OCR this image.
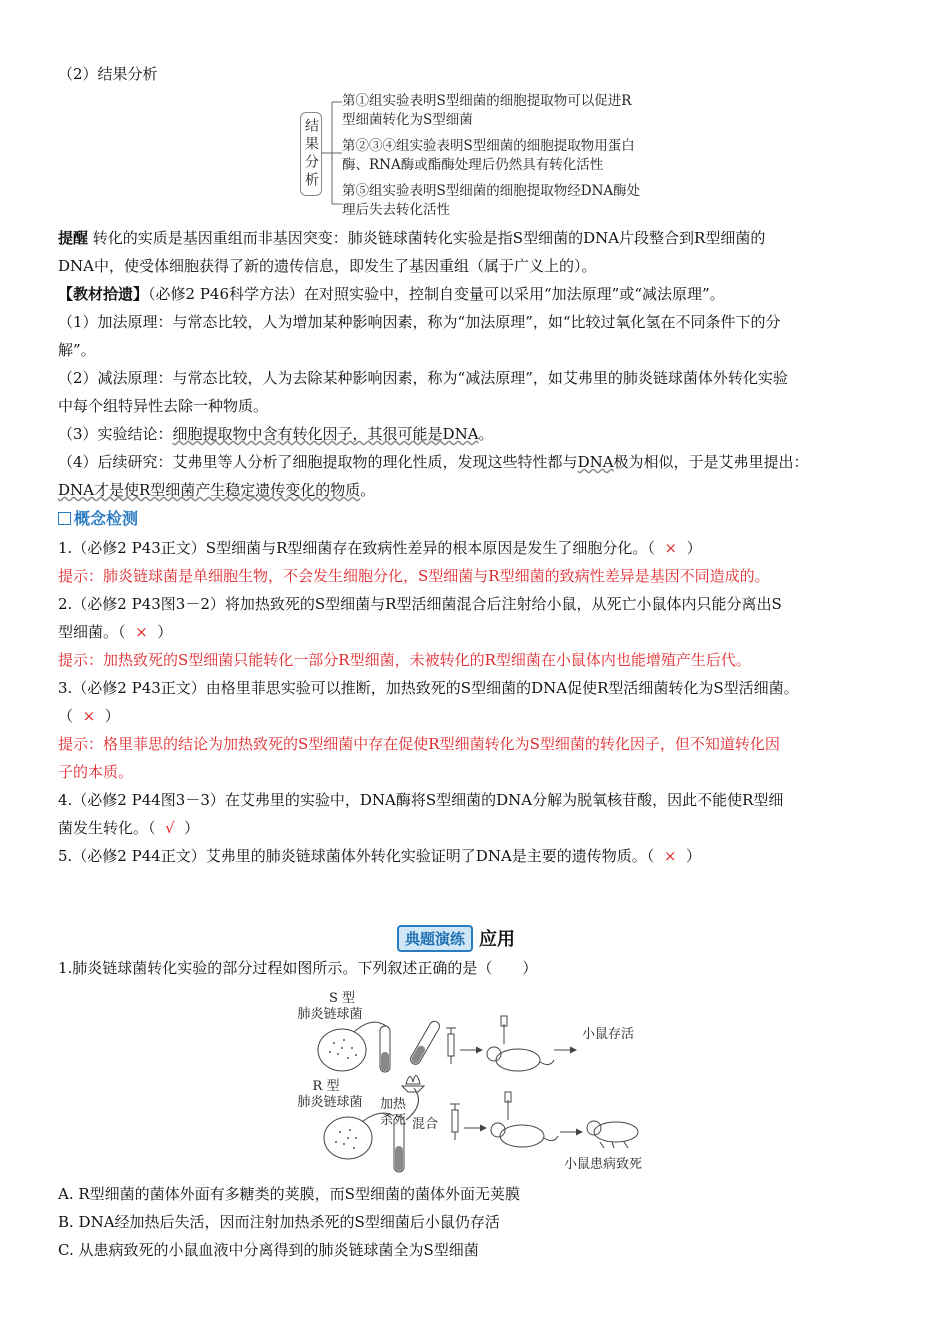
（2）结果分析

结果分析
第①组实验表明S型细菌的细胞提取物可以促进R
型细菌转化为S型细菌
第②③④组实验表明S型细菌的细胞提取物用蛋白
酶、RNA酶或酯酶处理后仍然具有转化活性
第⑤组实验表明S型细菌的细胞提取物经DNA酶处
理后失去转化活性

提醒 转化的实质是基因重组而非基因突变：肺炎链球菌转化实验是指S型细菌的DNA片段整合到R型细菌的

DNA中，使受体细胞获得了新的遗传信息，即发生了基因重组（属于广义上的）。

【教材拾遗】（必修2 P46科学方法）在对照实验中，控制自变量可以采用“加法原理”或“减法原理”。

（1）加法原理：与常态比较，人为增加某种影响因素，称为“加法原理”，如“比较过氧化氢在不同条件下的分

解”。

（2）减法原理：与常态比较，人为去除某种影响因素，称为“减法原理”，如艾弗里的肺炎链球菌体外转化实验

中每个组特异性去除一种物质。

（3）实验结论：细胞提取物中含有转化因子，其很可能是DNA。

（4）后续研究：艾弗里等人分析了细胞提取物的理化性质，发现这些特性都与DNA极为相似，于是艾弗里提出：

DNA才是使R型细菌产生稳定遗传变化的物质。

概念检测

1.（必修2 P43正文）S型细菌与R型细菌存在致病性差异的根本原因是发生了细胞分化。（ × ）

提示：肺炎链球菌是单细胞生物，不会发生细胞分化，S型细菌与R型细菌的致病性差异是基因不同造成的。

2.（必修2 P43图3－2）将加热致死的S型细菌与R型活细菌混合后注射给小鼠，从死亡小鼠体内只能分离出S

型细菌。（ × ）

提示：加热致死的S型细菌只能转化一部分R型细菌，未被转化的R型细菌在小鼠体内也能增殖产生后代。

3.（必修2 P43正文）由格里菲思实验可以推断，加热致死的S型细菌的DNA促使R型活细菌转化为S型活细菌。

（ × ）

提示：格里菲思的结论为加热致死的S型细菌中存在促使R型细菌转化为S型细菌的转化因子，但不知道转化因

子的本质。

4.（必修2 P44图3－3）在艾弗里的实验中，DNA酶将S型细菌的DNA分解为脱氧核苷酸，因此不能使R型细

菌发生转化。（ √ ）

5.（必修2 P44正文）艾弗里的肺炎链球菌体外转化实验证明了DNA是主要的遗传物质。（ × ）

典题演练 应用

1.肺炎链球菌转化实验的部分过程如图所示。下列叙述正确的是（　　）

S 型
肺炎链球菌
加热
杀死
小鼠存活
R 型
肺炎链球菌
混合
小鼠患病致死

A. R型细菌的菌体外面有多糖类的荚膜，而S型细菌的菌体外面无荚膜

B. DNA经加热后失活，因而注射加热杀死的S型细菌后小鼠仍存活

C. 从患病致死的小鼠血液中分离得到的肺炎链球菌全为S型细菌
